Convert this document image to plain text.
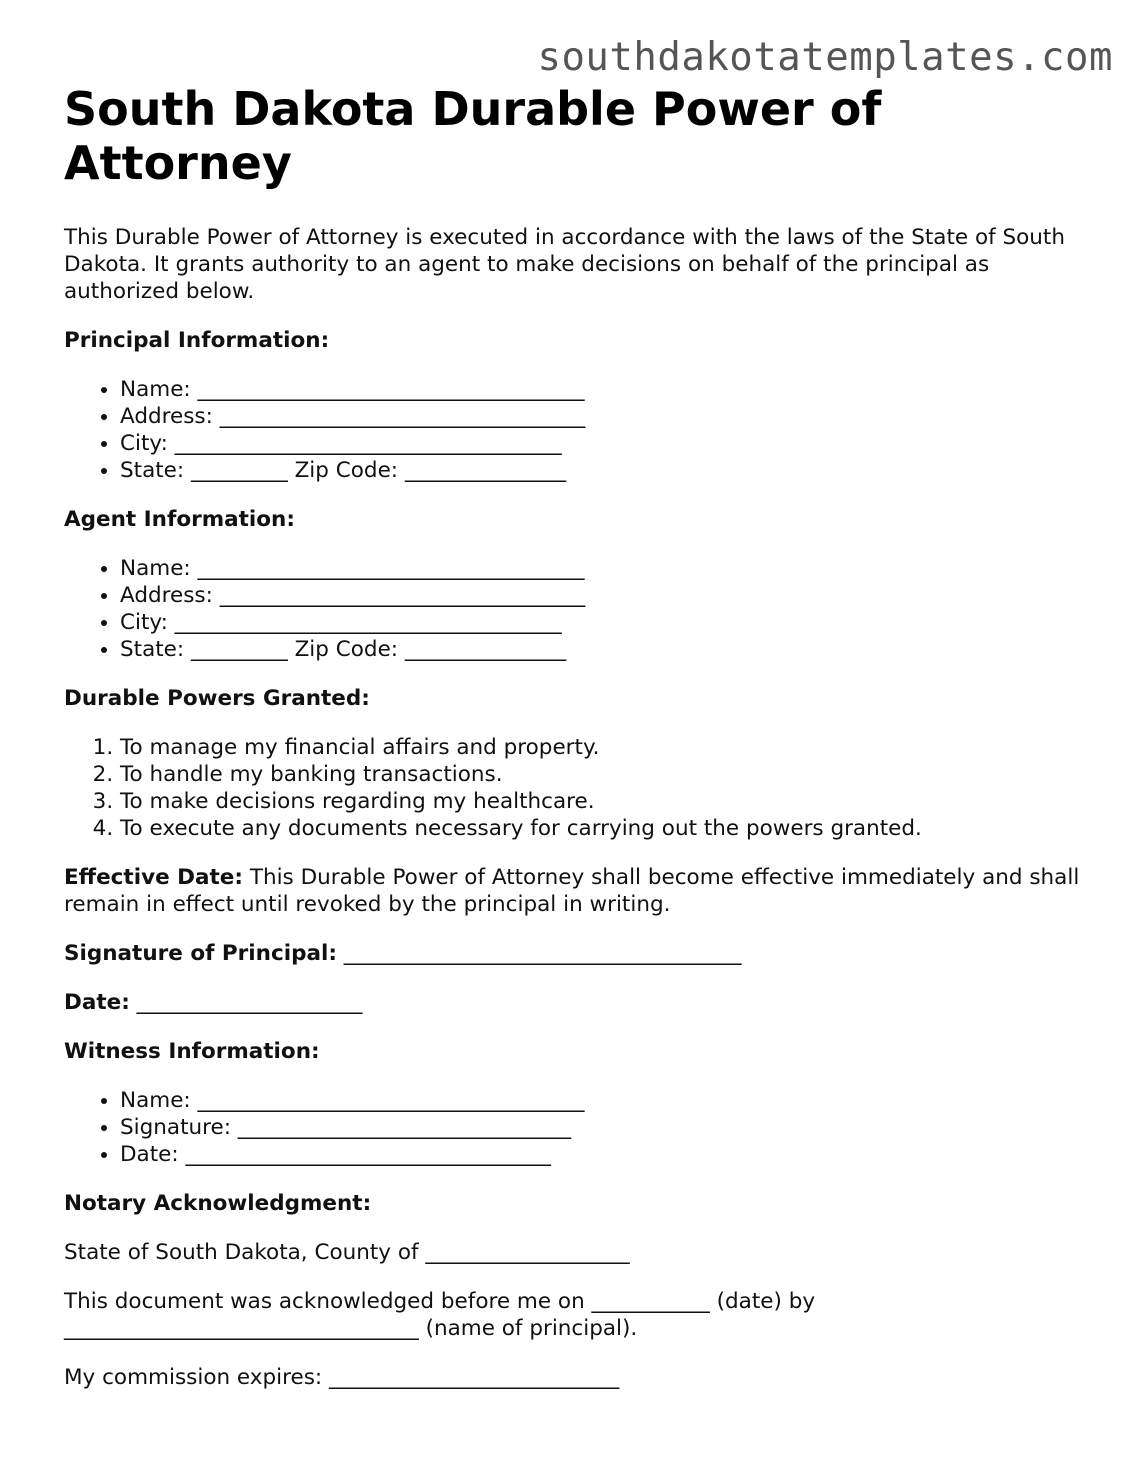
southdakotatemplates.com
South Dakota Durable Power of Attorney

This Durable Power of Attorney is executed in accordance with the laws of the State of South Dakota. It grants authority to an agent to make decisions on behalf of the principal as authorized below.

Principal Information:
• Name: ____________________________________
• Address: __________________________________
• City: ____________________________________
• State: _________ Zip Code: _______________
Agent Information:
• Name: ____________________________________
• Address: __________________________________
• City: ____________________________________
• State: _________ Zip Code: _______________
Durable Powers Granted:
1. To manage my financial affairs and property.
2. To handle my banking transactions.
3. To make decisions regarding my healthcare.
4. To execute any documents necessary for carrying out the powers granted.

Effective Date: This Durable Power of Attorney shall become effective immediately and shall remain in effect until revoked by the principal in writing.

Signature of Principal: _____________________________________

Date: _____________________

Witness Information:
• Name: ____________________________________
• Signature: _______________________________
• Date: __________________________________
Notary Acknowledgment:

State of South Dakota, County of ___________________

This document was acknowledged before me on ___________ (date) by _________________________________ (name of principal).

My commission expires: ___________________________
